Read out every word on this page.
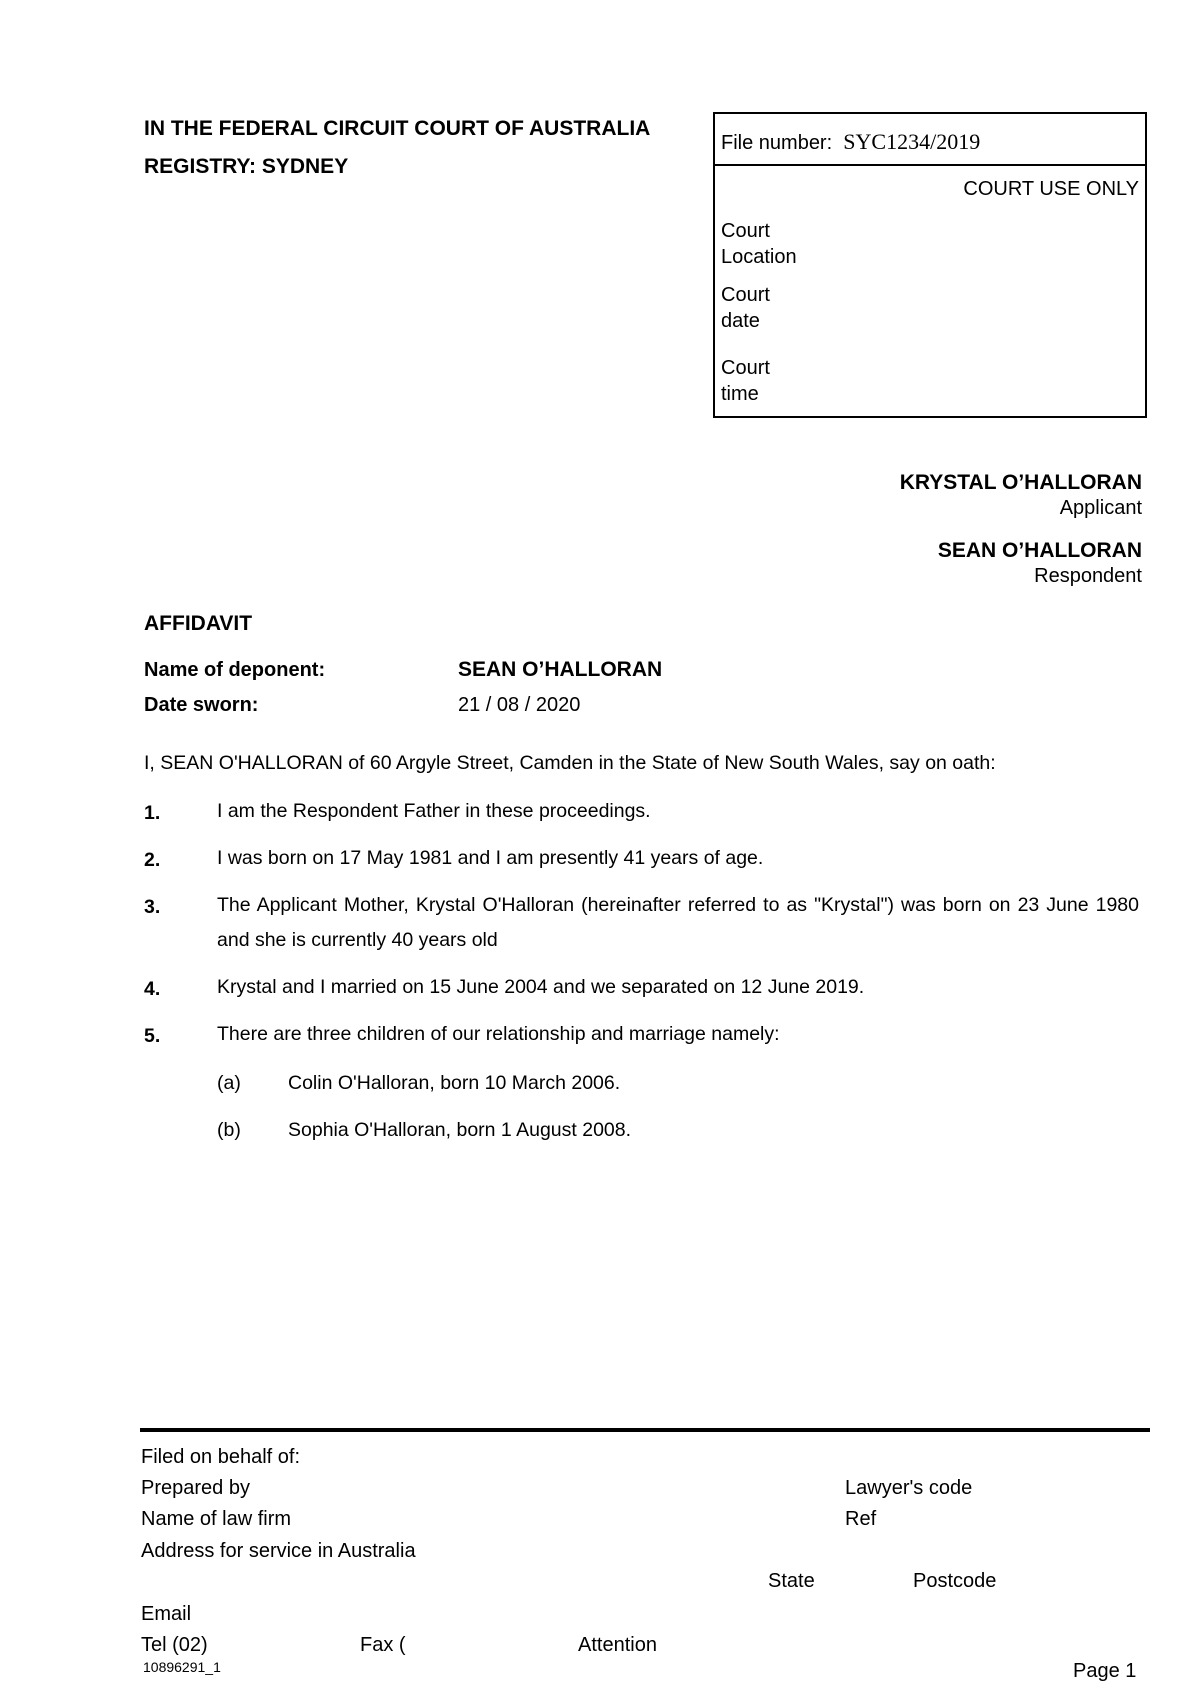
IN THE FEDERAL CIRCUIT COURT OF AUSTRALIA
REGISTRY: SYDNEY
File number: SYC1234/2019
COURT USE ONLY
Court
Location
Court
date
Court
time
KRYSTAL O’HALLORAN
Applicant
SEAN O’HALLORAN
Respondent
AFFIDAVIT
Name of deponent:	SEAN O’HALLORAN
Date sworn:	21 / 08 / 2020
I, SEAN O'HALLORAN of 60 Argyle Street, Camden in the State of New South Wales, say on oath:
1.	I am the Respondent Father in these proceedings.
2.	I was born on 17 May 1981 and I am presently 41 years of age.
3.	The Applicant Mother, Krystal O'Halloran (hereinafter referred to as "Krystal") was born on 23 June 1980 and she is currently 40 years old
4.	Krystal and I married on 15 June 2004 and we separated on 12 June 2019.
5.	There are three children of our relationship and marriage namely:
(a) Colin O'Halloran, born 10 March 2006.
(b) Sophia O'Halloran, born 1 August 2008.
Filed on behalf of:
Prepared by	Lawyer's code
Name of law firm	Ref
Address for service in Australia
State	Postcode
Email
Tel (02)	Fax (	Attention
10896291_1	Page 1
